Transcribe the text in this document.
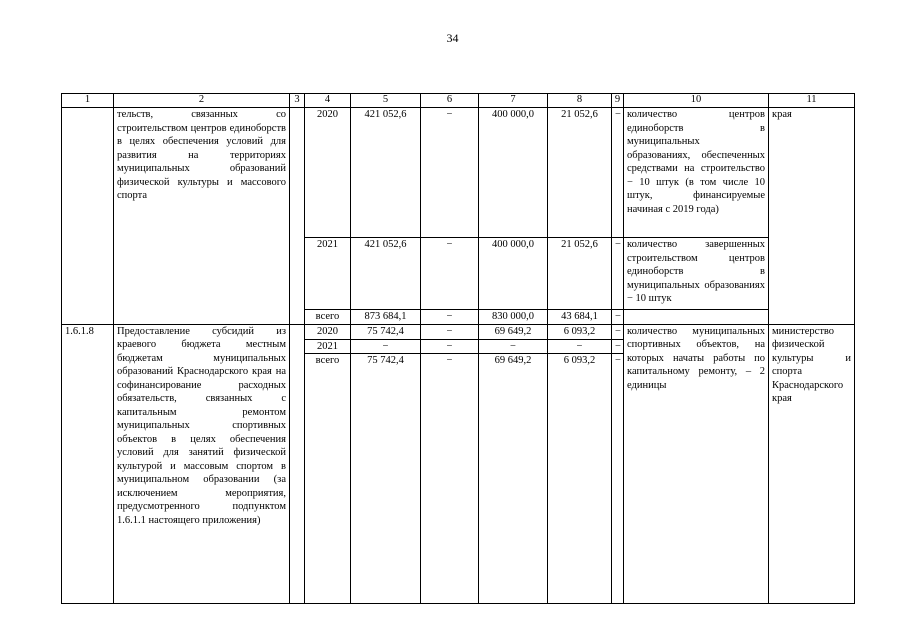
34
1	2	3	4	5	6	7	8	9	10	11
	тельств, связанных со строительством центров единоборств в целях обеспечения условий для развития на территориях муниципальных образований физической культуры и массового спорта		2020	421 052,6	−	400 000,0	21 052,6	−	количество центров единоборств в муниципальных образованиях, обеспеченных средствами на строительство − 10 штук (в том числе 10 штук, финансируемые начиная с 2019 года)	края
			2021	421 052,6	−	400 000,0	21 052,6	−	количество завершенных строительством центров единоборств в муниципальных образованиях − 10 штук	
			всего	873 684,1	−	830 000,0	43 684,1	−		
1.6.1.8	Предоставление субсидий из краевого бюджета местным бюджетам муниципальных образований Краснодарского края на софинансирование расходных обязательств, связанных с капитальным ремонтом муниципальных спортивных объектов в целях обеспечения условий для занятий физической культурой и массовым спортом в муниципальном образовании (за исключением мероприятия, предусмотренного подпунктом 1.6.1.1 настоящего приложения)		2020	75 742,4	−	69 649,2	6 093,2	−	количество муниципальных спортивных объектов, на которых начаты работы по капитальному ремонту, – 2 единицы	министерство физической культуры и спорта Краснодарского края
			2021	−	−	−	−	−		
			всего	75 742,4	−	69 649,2	6 093,2	−		
